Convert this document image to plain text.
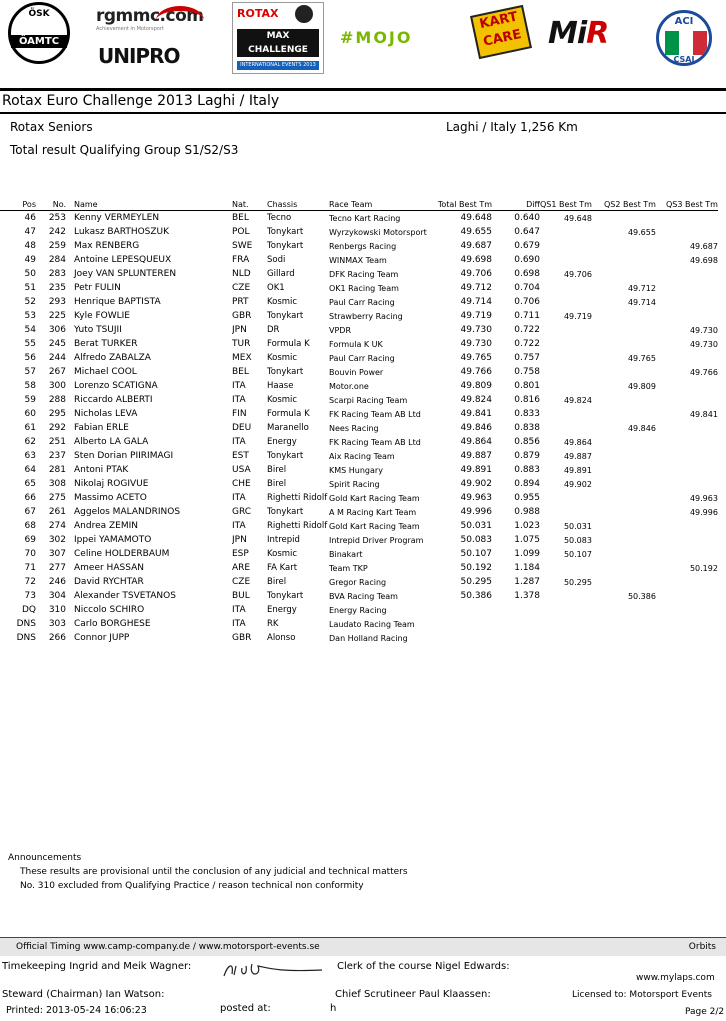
ÖSK
ÖAMTC
rgmmc.com
Achievement in Motorsport
UNIPRO
ROTAX
MAX
CHALLENGE
INTERNATIONAL EVENTS 2013
#MOJO
KART
CARE MiR	ACI
CSAI
Rotax Euro Challenge 2013 Laghi / Italy
Rotax Seniors	Laghi / Italy 1,256 Km
Total result Qualifying Group S1/S2/S3
Pos	No.	Name	Nat.	Chassis	Race Team	Total Best Tm	Diff	QS1 Best Tm	QS2 Best Tm	QS3 Best Tm
46	253	Kenny VERMEYLEN	BEL	Tecno	Tecno Kart Racing	49.648	0.640	49.648		
47	242	Lukasz BARTHOSZUK	POL	Tonykart	Wyrzykowski Motorsport	49.655	0.647		49.655	
48	259	Max RENBERG	SWE	Tonykart	Renbergs Racing	49.687	0.679			49.687
49	284	Antoine LEPESQUEUX	FRA	Sodi	WINMAX Team	49.698	0.690			49.698
50	283	Joey VAN SPLUNTEREN	NLD	Gillard	DFK Racing Team	49.706	0.698	49.706		
51	235	Petr FULIN	CZE	OK1	OK1 Racing Team	49.712	0.704		49.712	
52	293	Henrique BAPTISTA	PRT	Kosmic	Paul Carr Racing	49.714	0.706		49.714	
53	225	Kyle FOWLIE	GBR	Tonykart	Strawberry Racing	49.719	0.711	49.719		
54	306	Yuto TSUJII	JPN	DR	VPDR	49.730	0.722			49.730
55	245	Berat TURKER	TUR	Formula K	Formula K UK	49.730	0.722			49.730
56	244	Alfredo ZABALZA	MEX	Kosmic	Paul Carr Racing	49.765	0.757		49.765	
57	267	Michael COOL	BEL	Tonykart	Bouvin Power	49.766	0.758			49.766
58	300	Lorenzo SCATIGNA	ITA	Haase	Motor.one	49.809	0.801		49.809	
59	288	Riccardo ALBERTI	ITA	Kosmic	Scarpi Racing Team	49.824	0.816	49.824		
60	295	Nicholas LEVA	FIN	Formula K	FK Racing Team AB Ltd	49.841	0.833			49.841
61	292	Fabian ERLE	DEU	Maranello	Nees Racing	49.846	0.838		49.846	
62	251	Alberto LA GALA	ITA	Energy	FK Racing Team AB Ltd	49.864	0.856	49.864		
63	237	Sten Dorian PIIRIMAGI	EST	Tonykart	Aix Racing Team	49.887	0.879	49.887		
64	281	Antoni PTAK	USA	Birel	KMS Hungary	49.891	0.883	49.891		
65	308	Nikolaj ROGIVUE	CHE	Birel	Spirit Racing	49.902	0.894	49.902		
66	275	Massimo ACETO	ITA	Righetti Ridolf	Gold Kart Racing Team	49.963	0.955			49.963
67	261	Aggelos MALANDRINOS	GRC	Tonykart	A M Racing Kart Team	49.996	0.988			49.996
68	274	Andrea ZEMIN	ITA	Righetti Ridolf	Gold Kart Racing Team	50.031	1.023	50.031		
69	302	Ippei YAMAMOTO	JPN	Intrepid	Intrepid Driver Program	50.083	1.075	50.083		
70	307	Celine HOLDERBAUM	ESP	Kosmic	Binakart	50.107	1.099	50.107		
71	277	Ameer HASSAN	ARE	FA Kart	Team TKP	50.192	1.184			50.192
72	246	David RYCHTAR	CZE	Birel	Gregor Racing	50.295	1.287	50.295		
73	304	Alexander TSVETANOS	BUL	Tonykart	BVA Racing Team	50.386	1.378		50.386	
DQ	310	Niccolo SCHIRO	ITA	Energy	Energy Racing					
DNS	303	Carlo BORGHESE	ITA	RK	Laudato Racing Team					
DNS	266	Connor JUPP	GBR	Alonso	Dan Holland Racing					
Announcements
These results are provisional until the conclusion of any judicial and technical matters
No. 310 excluded from Qualifying Practice / reason technical non conformity
Official Timing www.camp-company.de / www.motorsport-events.se	Orbits
Timekeeping Ingrid and Meik Wagner:	Clerk of the course Nigel Edwards:
www.mylaps.com
Steward (Chairman) Ian Watson:	Chief Scrutineer Paul Klaassen:	Licensed to: Motorsport Events
Printed: 2013-05-24 16:06:23	posted at:	h	Page 2/2
